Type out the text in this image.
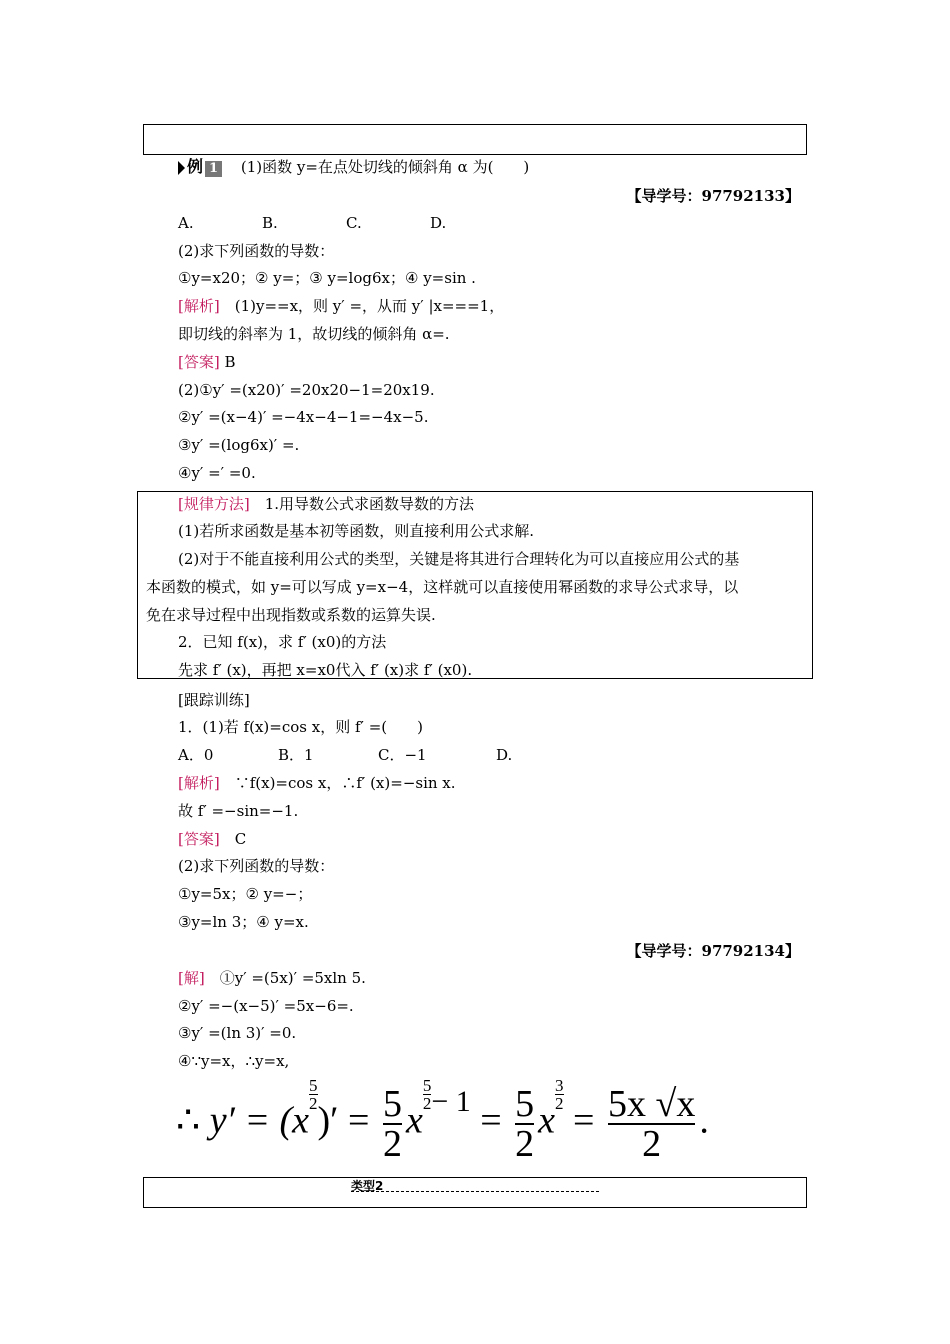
例 1 (1)函数 y=在点处切线的倾斜角 α 为(　　)
【导学号：97792133】
A.	B.	C.	D.
(2)求下列函数的导数：
①y=x20；② y=；③ y=log6x；④ y=sin .
[解析]　(1)y==x，则 y′ =，从而 y′ |x===1，
即切线的斜率为 1，故切线的倾斜角 α=.
[答案] B
(2)①y′ =(x20)′ =20x20−1=20x19.
②y′ =(x−4)′ =−4x−4−1=−4x−5.
③y′ =(log6x)′ =.
④y′ =′ =0.
[规律方法]　1.用导数公式求函数导数的方法
(1)若所求函数是基本初等函数，则直接利用公式求解.
(2)对于不能直接利用公式的类型，关键是将其进行合理转化为可以直接应用公式的基
本函数的模式，如 y=可以写成 y=x−4，这样就可以直接使用幂函数的求导公式求导，以
免在求导过程中出现指数或系数的运算失误.
2．已知 f(x)，求 f′ (x0)的方法
先求 f′ (x)，再把 x=x0代入 f′ (x)求 f′ (x0).
[跟踪训练]
1．(1)若 f(x)=cos x，则 f′ =(　　)
A．0	B．1	C．−1	D.
[解析]　∵f(x)=cos x，∴f′ (x)=−sin x.
故 f′ =−sin=−1.
[答案]　C
(2)求下列函数的导数：
①y=5x；② y=−；
③y=ln 3；④ y=x.
【导学号：97792134】
[解]　①y′ =(5x)′ =5xln 5.
②y′ =−(x−5)′ =5x−6=.
③y′ =(ln 3)′ =0.
④∵y=x，∴y=x,
∴ y′ = (x
$\frac{5}{2}$
)′ = $\frac{5}{2}$ x
$\frac{5}{2} ^{- 1} = \frac{5}{2}$ x
$\frac{3}{2}$
= $\frac{5x √x}{2}$ .
类型2
